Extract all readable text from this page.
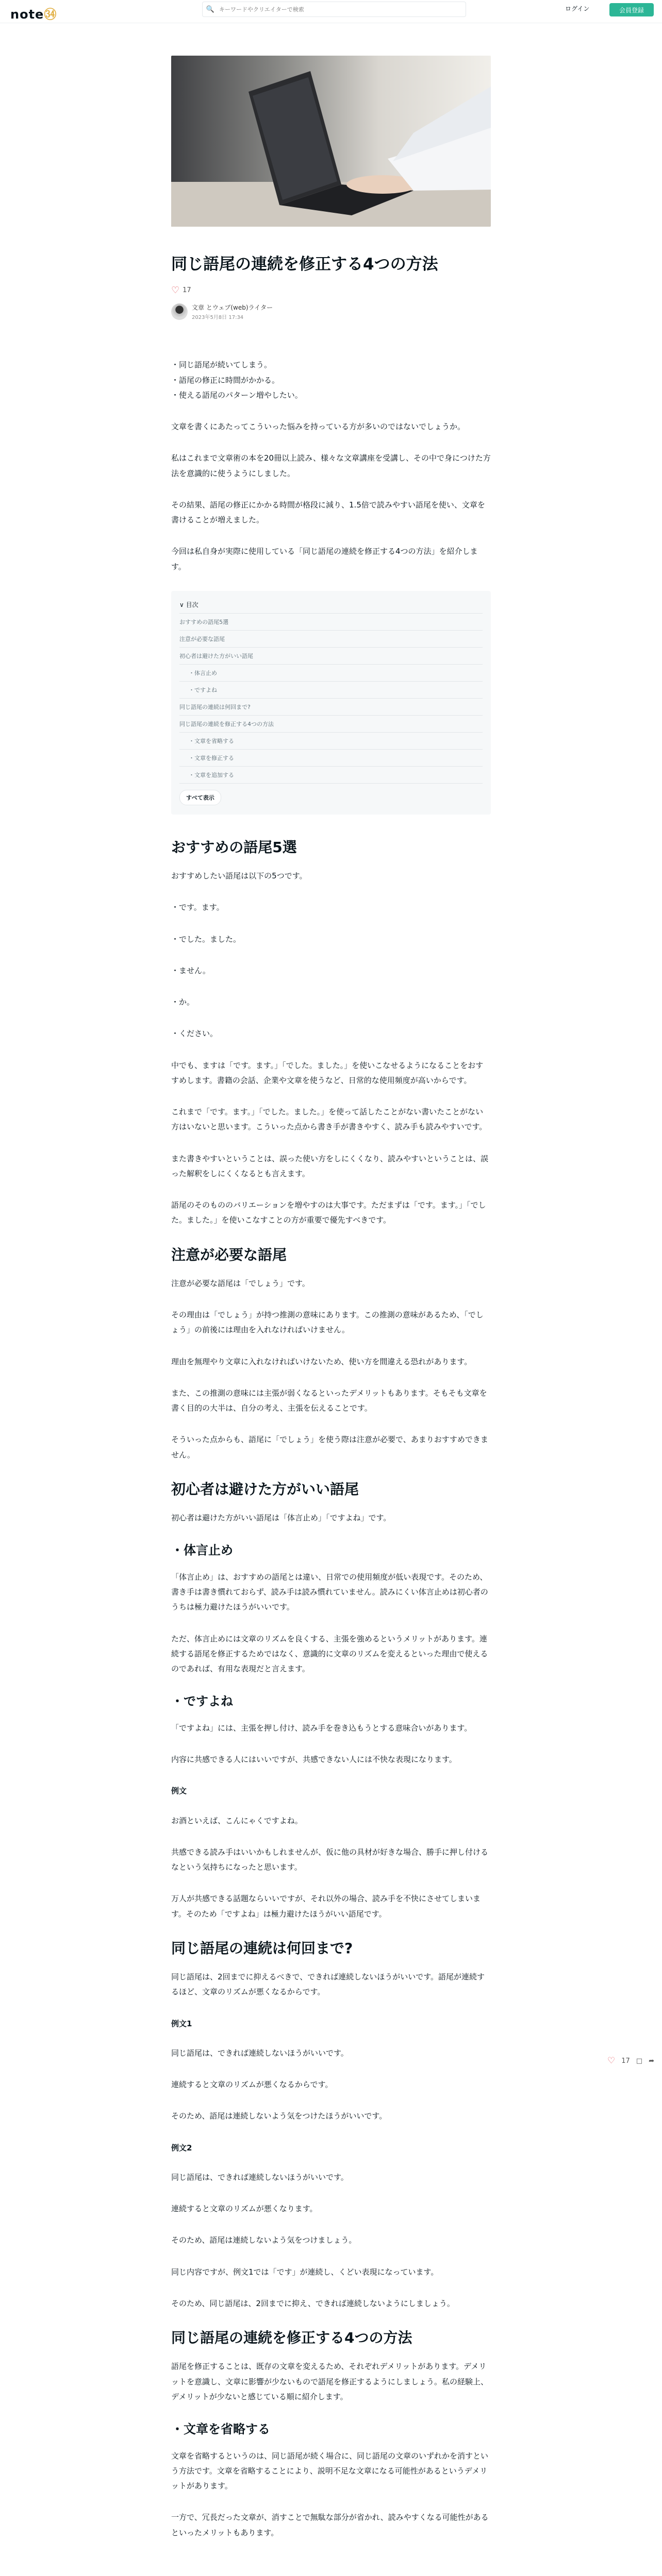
note㉞	🔍
キーワードやクリエイターで検索	ログイン	会員登録
同じ語尾の連続を修正する4つの方法
♡ 17
文章 とウェブ(web)ライター
2023年5月8日 17:34

・同じ語尾が続いてしまう。

・語尾の修正に時間がかかる。

・使える語尾のパターン増やしたい。

文章を書くにあたってこういった悩みを持っている方が多いのではないでしょうか。

私はこれまで文章術の本を20冊以上読み、様々な文章講座を受講し、その中で身につけた方法を意識的に使うようにしました。

その結果、語尾の修正にかかる時間が格段に減り、1.5倍で読みやすい語尾を使い、文章を書けることが増えました。

今回は私自身が実際に使用している「同じ語尾の連続を修正する4つの方法」を紹介します。

∨ 目次
おすすめの語尾5選
注意が必要な語尾
初心者は避けた方がいい語尾
・体言止め
・ですよね
同じ語尾の連続は何回まで?
同じ語尾の連続を修正する4つの方法
・文章を省略する
・文章を修正する
・文章を追加する
すべて表示
おすすめの語尾5選

おすすめしたい語尾は以下の5つです。

・です。ます。

・でした。ました。

・ません。

・か。

・ください。

中でも、ますは「です。ます。」「でした。ました。」を使いこなせるようになることをおすすめします。書籍の会話、企業や文章を使うなど、日常的な使用頻度が高いからです。

これまで「です。ます。」「でした。ました。」を使って話したことがない書いたことがない方はいないと思います。こういった点から書き手が書きやすく、読み手も読みやすいです。

また書きやすいということは、誤った使い方をしにくくなり、読みやすいということは、誤った解釈をしにくくなるとも言えます。

語尾のそのもののバリエーションを増やすのは大事です。ただまずは「です。ます。」「でした。ました。」を使いこなすことの方が重要で優先すべきです。

注意が必要な語尾

注意が必要な語尾は「でしょう」です。

その理由は「でしょう」が持つ推測の意味にあります。この推測の意味があるため、「でしょう」の前後には理由を入れなければいけません。

理由を無理やり文章に入れなければいけないため、使い方を間違える恐れがあります。

また、この推測の意味には主張が弱くなるといったデメリットもあります。そもそも文章を書く目的の大半は、自分の考え、主張を伝えることです。

そういった点からも、語尾に「でしょう」を使う際は注意が必要で、あまりおすすめできません。

初心者は避けた方がいい語尾

初心者は避けた方がいい語尾は「体言止め」「ですよね」です。

・体言止め

「体言止め」は、おすすめの語尾とは違い、日常での使用頻度が低い表現です。そのため、書き手は書き慣れておらず、読み手は読み慣れていません。読みにくい体言止めは初心者のうちは極力避けたほうがいいです。

ただ、体言止めには文章のリズムを良くする、主張を強めるというメリットがあります。連続する語尾を修正するためではなく、意識的に文章のリズムを変えるといった理由で使えるのであれば、有用な表現だと言えます。

・ですよね

「ですよね」には、主張を押し付け、読み手を巻き込もうとする意味合いがあります。

内容に共感できる人にはいいですが、共感できない人には不快な表現になります。

例文

お酒といえば、こんにゃくですよね。

共感できる読み手はいいかもしれませんが、仮に他の具材が好きな場合、勝手に押し付けるなという気持ちになったと思います。

万人が共感できる話題ならいいですが、それ以外の場合、読み手を不快にさせてしまいます。そのため「ですよね」は極力避けたほうがいい語尾です。

同じ語尾の連続は何回まで?

同じ語尾は、2回までに抑えるべきで、できれば連続しないほうがいいです。語尾が連続するほど、文章のリズムが悪くなるからです。

例文1

同じ語尾は、できれば連続しないほうがいいです。

連続すると文章のリズムが悪くなるからです。

そのため、語尾は連続しないよう気をつけたほうがいいです。

例文2

同じ語尾は、できれば連続しないほうがいいです。

連続すると文章のリズムが悪くなります。

そのため、語尾は連続しないよう気をつけましょう。

同じ内容ですが、例文1では「です」が連続し、くどい表現になっています。

そのため、同じ語尾は、2回までに抑え、できれば連続しないようにしましょう。

同じ語尾の連続を修正する4つの方法

語尾を修正することは、既存の文章を変えるため、それぞれデメリットがあります。デメリットを意識し、文章に影響が少ないもので語尾を修正するようにしましょう。私の経験上、デメリットが少ないと感じている順に紹介します。

・文章を省略する

文章を省略するというのは、同じ語尾が続く場合に、同じ語尾の文章のいずれかを消すという方法です。文章を省略することにより、説明不足な文章になる可能性があるというデメリットがあります。

一方で、冗長だった文章が、消すことで無駄な部分が省かれ、読みやすくなる可能性があるといったメリットもあります。

♡ 17 □ ➦
